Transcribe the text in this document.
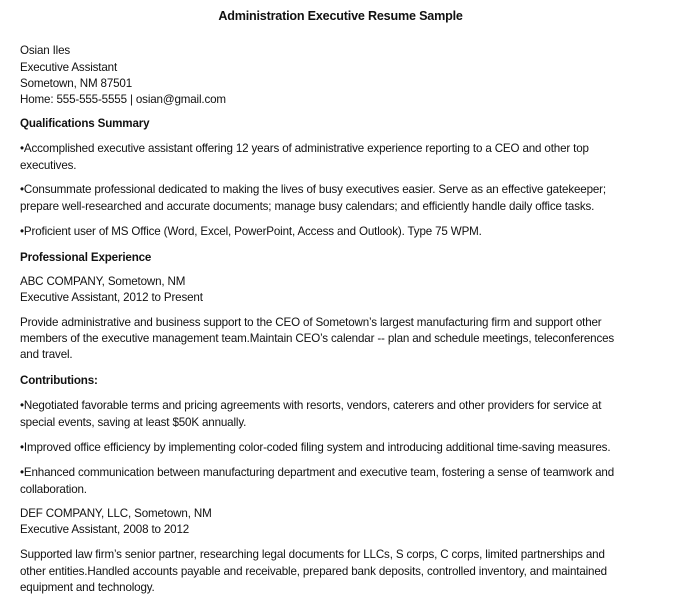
Administration Executive Resume Sample
Osian Iles
Executive Assistant
Sometown, NM 87501
Home: 555-555-5555 | osian@gmail.com
Qualifications Summary
•Accomplished executive assistant offering 12 years of administrative experience reporting to a CEO and other top
executives.
•Consummate professional dedicated to making the lives of busy executives easier. Serve as an effective gatekeeper;
prepare well-researched and accurate documents; manage busy calendars; and efficiently handle daily office tasks.
•Proficient user of MS Office (Word, Excel, PowerPoint, Access and Outlook). Type 75 WPM.
Professional Experience
ABC COMPANY, Sometown, NM
Executive Assistant, 2012 to Present
Provide administrative and business support to the CEO of Sometown’s largest manufacturing firm and support other
members of the executive management team.Maintain CEO’s calendar -- plan and schedule meetings, teleconferences
and travel.
Contributions:
•Negotiated favorable terms and pricing agreements with resorts, vendors, caterers and other providers for service at
special events, saving at least $50K annually.
•Improved office efficiency by implementing color-coded filing system and introducing additional time-saving measures.
•Enhanced communication between manufacturing department and executive team, fostering a sense of teamwork and
collaboration.
DEF COMPANY, LLC, Sometown, NM
Executive Assistant, 2008 to 2012
Supported law firm’s senior partner, researching legal documents for LLCs, S corps, C corps, limited partnerships and
other entities.Handled accounts payable and receivable, prepared bank deposits, controlled inventory, and maintained
equipment and technology.
